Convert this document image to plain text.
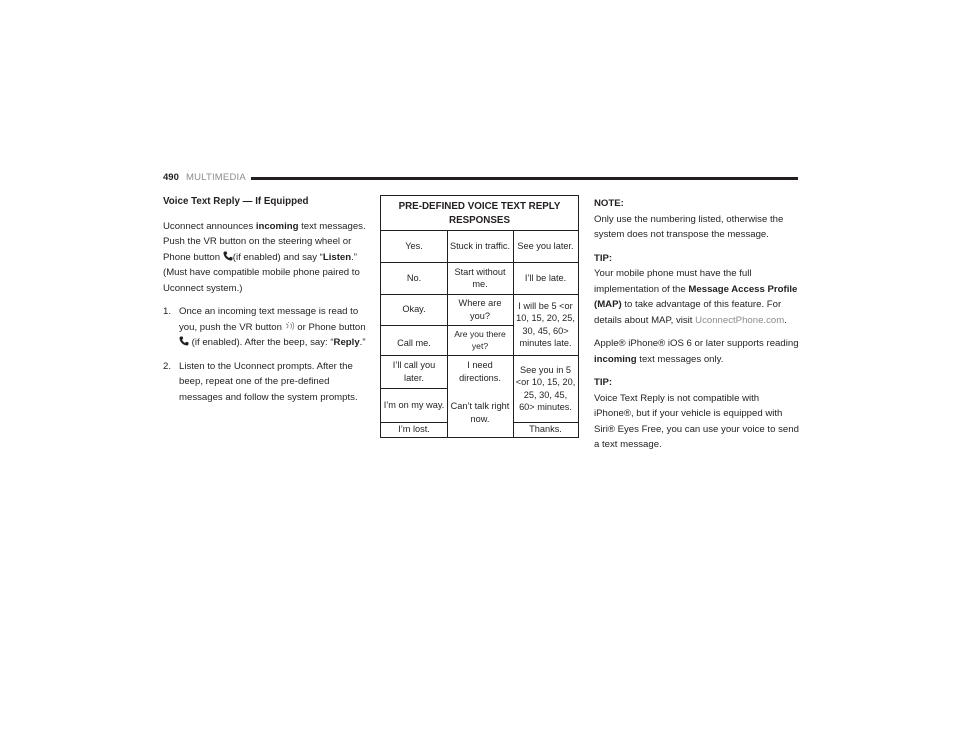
490 MULTIMEDIA
Voice Text Reply — If Equipped

Uconnect announces incoming text messages. Push the VR button on the steering wheel or Phone button (if enabled) and say “Listen.” (Must have compatible mobile phone paired to Uconnect system.)

1. Once an incoming text message is read to you, push the VR button  or Phone button  (if enabled). After the beep, say: “Reply.”
2. Listen to the Uconnect prompts. After the beep, repeat one of the pre-defined messages and follow the system prompts.
PRE-DEFINED VOICE TEXT REPLY RESPONSES
Yes.
No.
Okay.
Call me.
I’ll call you later.
I’m on my way.
I’m lost.
Stuck in traffic.
Start without me.
Where are you?
Are you there yet?
I need directions.
Can’t talk right now.
See you later.
I’ll be late.
I will be 5 <or 10, 15, 20, 25, 30, 45, 60> minutes late.
See you in 5 <or 10, 15, 20, 25, 30, 45, 60> minutes.
Thanks.

NOTE:
Only use the numbering listed, otherwise the system does not transpose the message.

TIP:
Your mobile phone must have the full implementation of the Message Access Profile (MAP) to take advantage of this feature. For details about MAP, visit UconnectPhone.com.

Apple® iPhone® iOS 6 or later supports reading incoming text messages only.

TIP:
Voice Text Reply is not compatible with iPhone®, but if your vehicle is equipped with Siri® Eyes Free, you can use your voice to send a text message.
